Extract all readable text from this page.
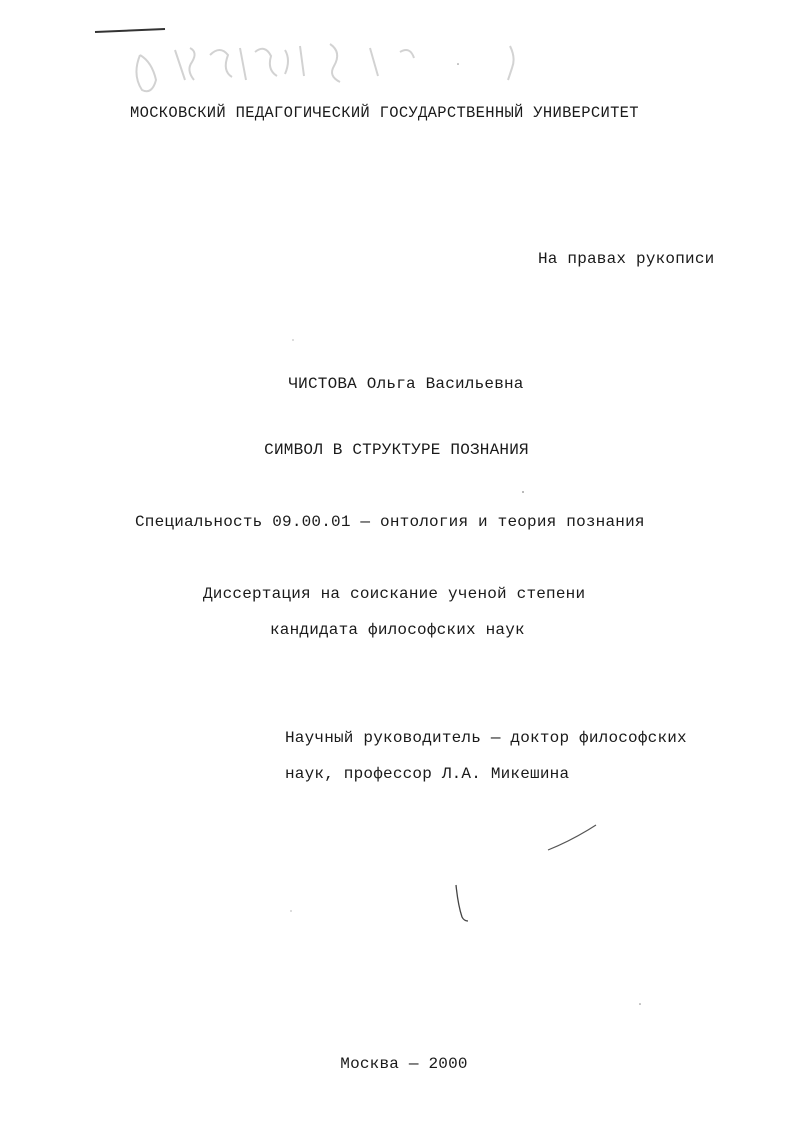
МОСКОВСКИЙ ПЕДАГОГИЧЕСКИЙ ГОСУДАРСТВЕННЫЙ УНИВЕРСИТЕТ
На правах рукописи
ЧИСТОВА Ольга Васильевна
СИМВОЛ В СТРУКТУРЕ ПОЗНАНИЯ
Специальность 09.00.01 — онтология и теория познания
Диссертация на соискание ученой степени
кандидата философских наук
Научный руководитель — доктор философских
наук, профессор Л.А. Микешина
Москва — 2000
